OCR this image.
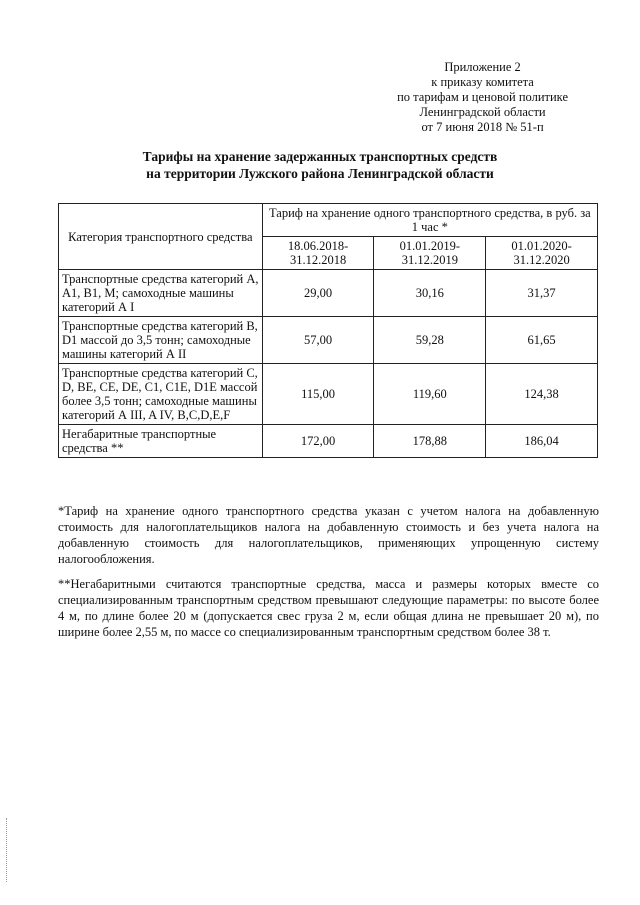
Приложение 2
к приказу комитета
по тарифам и ценовой политике
Ленинградской области
от 7 июня 2018 № 51-п
Тарифы на хранение задержанных транспортных средств
на территории Лужского района Ленинградской области
Категория транспортного средства	Тариф на хранение одного транспортного средства, в руб. за 1 час *		
	18.06.2018- 31.12.2018	01.01.2019- 31.12.2019	01.01.2020- 31.12.2020
Транспортные средства категорий А, А1, В1, М; самоходные машины категорий А I	29,00	30,16	31,37
Транспортные средства категорий В, D1 массой до 3,5 тонн; самоходные машины категорий А II	57,00	59,28	61,65
Транспортные средства категорий С, D, ВЕ, СЕ, DE, C1, C1E, D1E массой более 3,5 тонн; самоходные машины категорий А III, A IV, B,C,D,E,F	115,00	119,60	124,38
Негабаритные транспортные средства **	172,00	178,88	186,04

*Тариф на хранение одного транспортного средства указан с учетом налога на добавленную стоимость для налогоплательщиков налога на добавленную стоимость и без учета налога на добавленную стоимость для налогоплательщиков, применяющих упрощенную систему налогообложения.

**Негабаритными считаются транспортные средства, масса и размеры которых вместе со специализированным транспортным средством превышают следующие параметры: по высоте более 4 м, по длине более 20 м (допускается свес груза 2 м, если общая длина не превышает 20 м), по ширине более 2,55 м, по массе со специализированным транспортным средством более 38 т.
